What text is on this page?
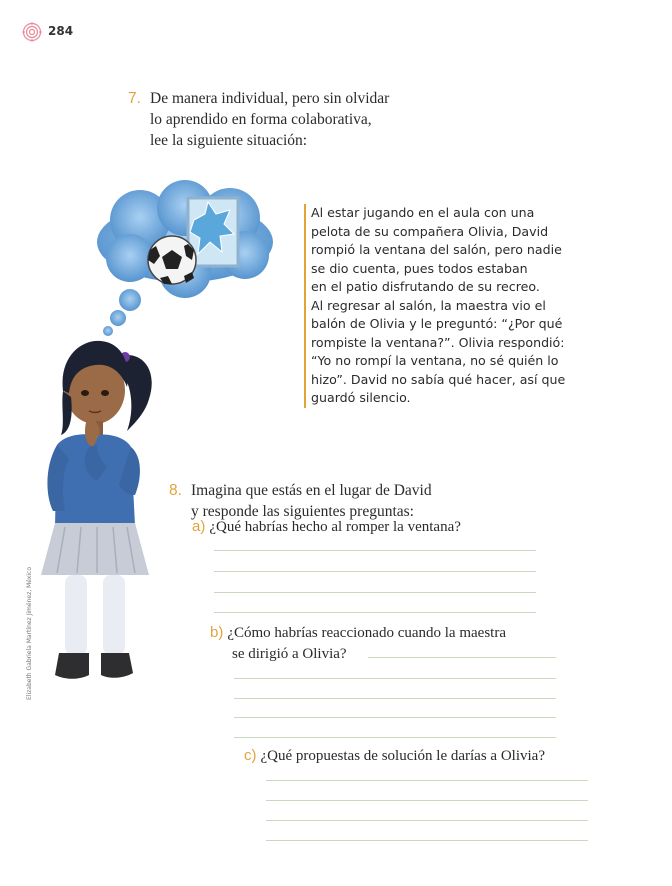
284
7. De manera individual, pero sin olvidar
lo aprendido en forma colaborativa,
lee la siguiente situación:
Al estar jugando en el aula con una
pelota de su compañera Olivia, David
rompió la ventana del salón, pero nadie
se dio cuenta, pues todos estaban
en el patio disfrutando de su recreo.
Al regresar al salón, la maestra vio el
balón de Olivia y le preguntó: “¿Por qué
rompiste la ventana?”. Olivia respondió:
“Yo no rompí la ventana, no sé quién lo
hizo”. David no sabía qué hacer, así que
guardó silencio.
Elizabeth Gabriela Martínez Jiménez, México
8. Imagina que estás en el lugar de David
y responde las siguientes preguntas:
a) ¿Qué habrías hecho al romper la ventana?
b) ¿Cómo habrías reaccionado cuando la maestra
se dirigió a Olivia?
c) ¿Qué propuestas de solución le darías a Olivia?
